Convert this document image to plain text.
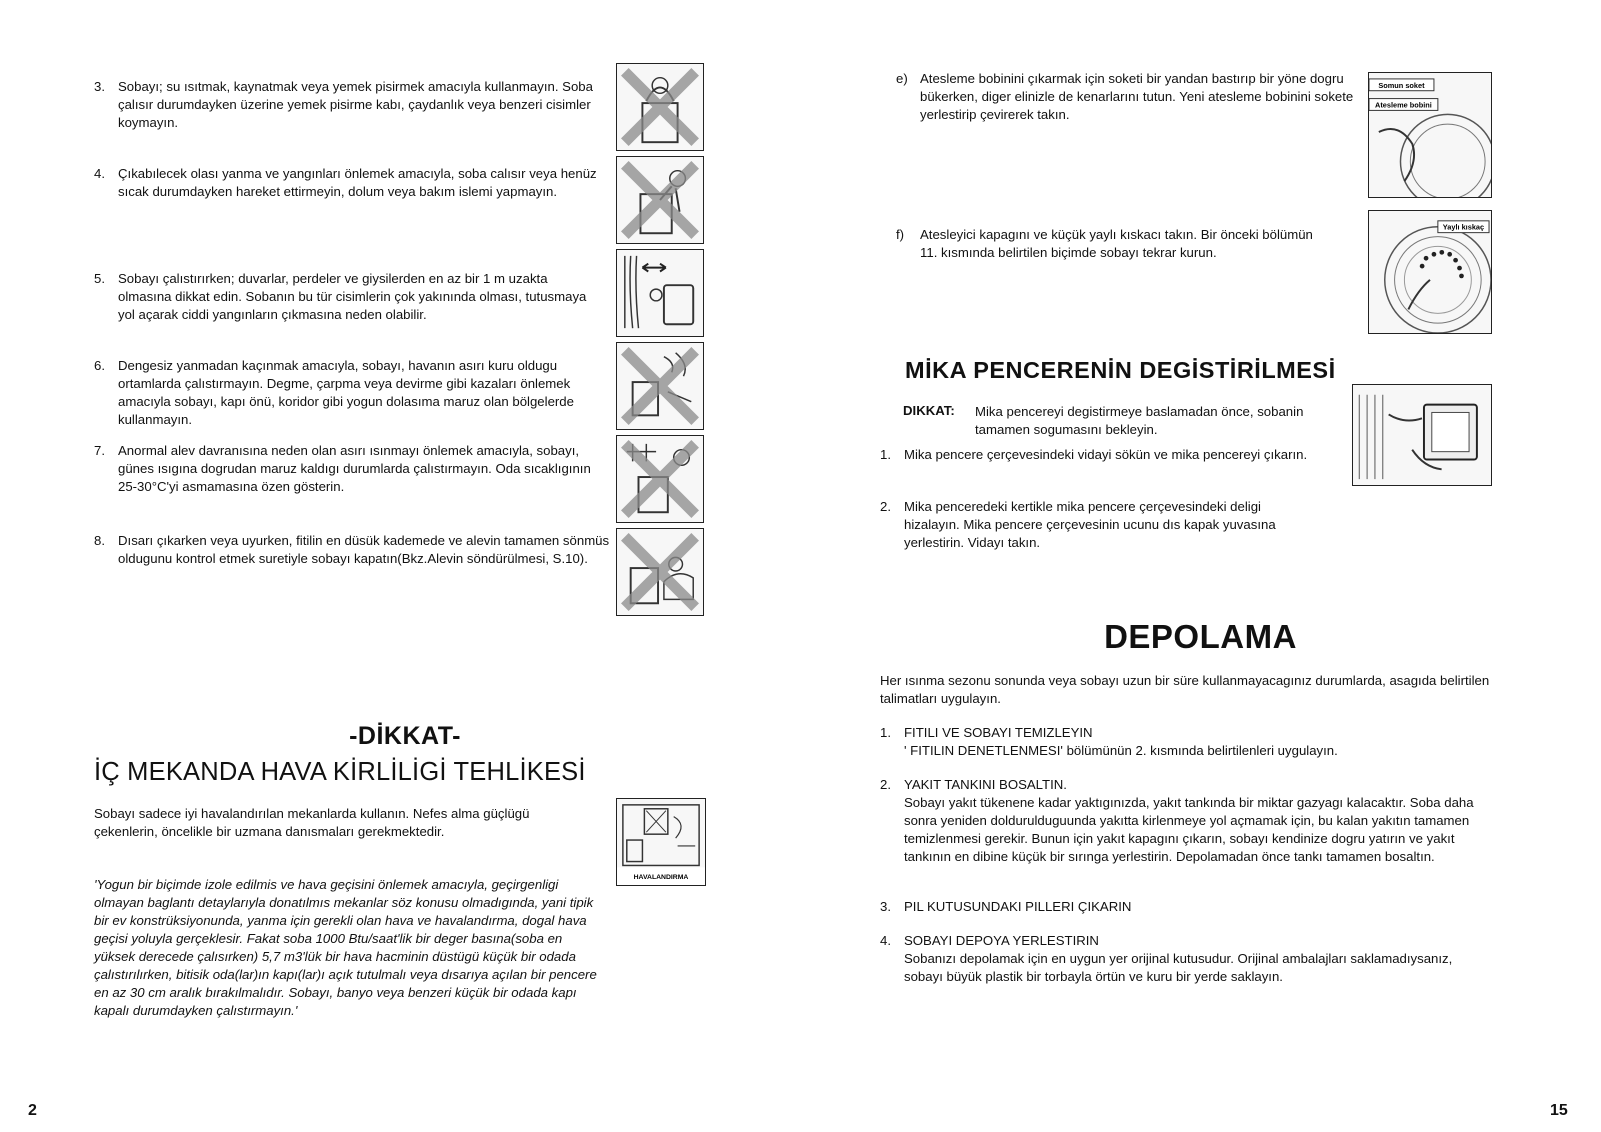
3. Sobayı; su ısıtmak, kaynatmak veya yemek pisirmek amacıyla kullanmayın. Soba çalısır durumdayken üzerine yemek pisirme kabı, çaydanlık veya benzeri cisimler koymayın.
4. Çıkabılecek olası yanma ve yangınları önlemek amacıyla, soba calısır veya henüz sıcak durumdayken hareket ettirmeyin, dolum veya bakım islemi yapmayın.
5. Sobayı çalıstırırken; duvarlar, perdeler ve giysilerden en az bir 1 m uzakta olmasına dikkat edin. Sobanın bu tür cisimlerin çok yakınında olması, tutusmaya yol açarak ciddi yangınların çıkmasına neden olabilir.
6. Dengesiz yanmadan kaçınmak amacıyla, sobayı, havanın asırı kuru oldugu ortamlarda çalıstırmayın. Degme, çarpma veya devirme gibi kazaları önlemek amacıyla sobayı, kapı önü, koridor gibi yogun dolasıma maruz olan bölgelerde kullanmayın.
7. Anormal alev davranısına neden olan asırı ısınmayı önlemek amacıyla, sobayı, günes ısıgına dogrudan maruz kaldıgı durumlarda çalıstırmayın. Oda sıcaklıgının 25-30°C'yi asmamasına özen gösterin.
8. Dısarı çıkarken veya uyurken, fitilin en düsük kademede ve alevin tamamen sönmüs oldugunu kontrol etmek suretiyle sobayı kapatın(Bkz.Alevin söndürülmesi, S.10).
-DİKKAT-
İÇ MEKANDA HAVA KİRLİLİGİ TEHLİKESİ
Sobayı sadece iyi havalandırılan mekanlarda kullanın. Nefes alma güçlügü çekenlerin, öncelikle bir uzmana danısmaları gerekmektedir.
'Yogun bir biçimde izole edilmis ve hava geçisini önlemek amacıyla, geçirgenligi olmayan baglantı detaylarıyla donatılmıs mekanlar söz konusu olmadıgında, yani tipik bir ev konstrüksiyonunda, yanma için gerekli olan hava ve havalandırma, dogal hava geçisi yoluyla gerçeklesir. Fakat soba 1000 Btu/saat'lik bir deger basına(soba en yüksek derecede çalısırken) 5,7 m3'lük bir hava hacminin düstügü küçük bir odada çalıstırılırken, bitisik oda(lar)ın kapı(lar)ı açık tutulmalı veya dısarıya açılan bir pencere en az 30 cm aralık bırakılmalıdır. Sobayı, banyo veya benzeri küçük bir odada kapı kapalı durumdayken çalıstırmayın.'
HAVALANDIRMA
2
e) Atesleme bobinini çıkarmak için soketi bir yandan bastırıp bir yöne dogru bükerken, diger elinizle de kenarlarını tutun. Yeni atesleme bobinini sokete yerlestirip çevirerek takın.
f)	Atesleyici kapagını ve küçük yaylı kıskacı takın. Bir önceki bölümün 11. kısmında belirtilen biçimde sobayı tekrar kurun.
Somun soket
Atesleme bobini
Yaylı kıskaç
MİKA PENCERENİN DEGİSTİRİLMESİ
DIKKAT: Mika pencereyi degistirmeye baslamadan önce, sobanin tamamen sogumasını bekleyin.
1. Mika pencere çerçevesindeki vidayi sökün ve mika pencereyi çıkarın.
2. Mika penceredeki kertikle mika pencere çerçevesindeki deligi hizalayın. Mika pencere çerçevesinin ucunu dıs kapak yuvasına yerlestirin. Vidayı takın.
DEPOLAMA
Her ısınma sezonu sonunda veya sobayı uzun bir süre kullanmayacagınız durumlarda, asagıda belirtilen talimatları uygulayın.
1. FITILI VE SOBAYI TEMIZLEYIN
' FITILIN DENETLENMESI' bölümünün 2. kısmında belirtilenleri uygulayın.
2. YAKIT TANKINI BOSALTIN.
Sobayı yakıt tükenene kadar yaktıgınızda, yakıt tankında bir miktar gazyagı kalacaktır. Soba daha sonra yeniden doldurulduguunda yakıtta kirlenmeye yol açmamak için, bu kalan yakıtın tamamen temizlenmesi gerekir. Bunun için yakıt kapagını çıkarın, sobayı kendinize dogru yatırın ve yakıt tankının en dibine küçük bir sırınga yerlestirin. Depolamadan önce tankı tamamen bosaltın.
3. PIL KUTUSUNDAKI PILLERI ÇIKARIN
4. SOBAYI DEPOYA YERLESTIRIN
Sobanızı depolamak için en uygun yer orijinal kutusudur. Orijinal ambalajları saklamadıysanız, sobayı büyük plastik bir torbayla örtün ve kuru bir yerde saklayın.
15
